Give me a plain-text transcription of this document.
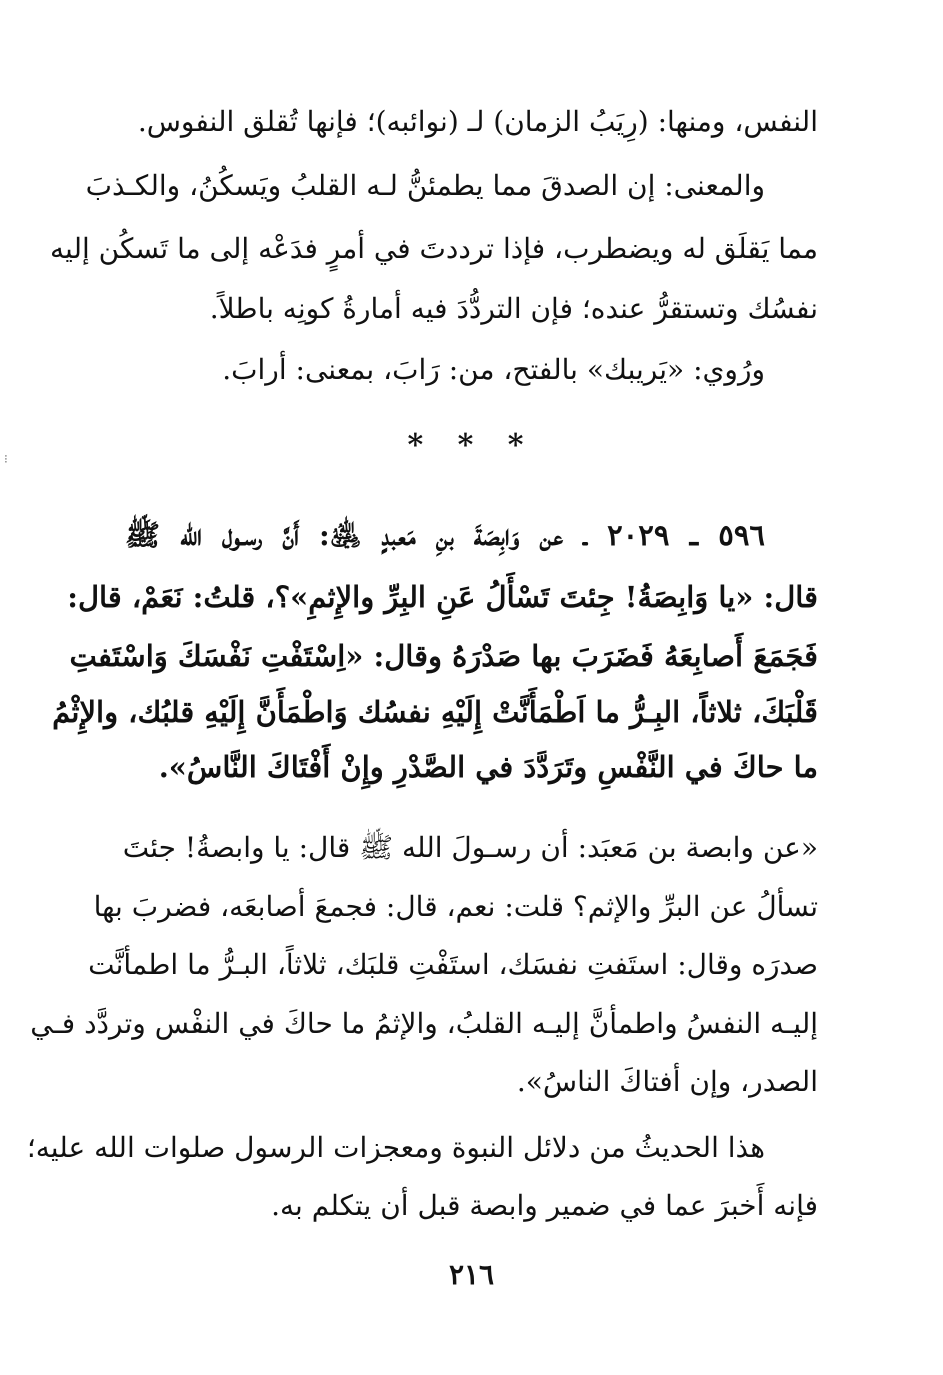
النفس، ومنها: (رِيَبُ الزمان) لـ (نوائبه)؛ فإنها تُقلق النفوس.
والمعنى: إن الصدقَ مما يطمئنُّ لـه القلبُ ويَسكُنُ، والكـذبَ
مما يَقلَق له ويضطرب، فإذا ترددتَ في أمرٍ فدَعْه إلى ما تَسكُن إليه
نفسُك وتستقرُّ عنده؛ فإن التردُّدَ فيه أمارةُ كونِه باطلاً.
ورُوي: «يَريبك» بالفتح، من: رَابَ، بمعنى: أرابَ.
* * *
⁝
٥٩٦ ـ ٢٠٢٩ ـ عن وَابِصَةَ بنِ مَعبدٍ ﵁: أَنَّ رسـول الله ﷺ
قال: «يا وَابِصَةُ! جِئتَ تَسْأَلُ عَنِ البِرِّ والإِثمِ»؟، قلتُ: نَعَمْ، قال:
فَجَمَعَ أَصابِعَهُ فَضَرَبَ بها صَدْرَهُ وقال: «اِسْتَفْتِ نَفْسَكَ وَاسْتَفتِ
قَلْبَكَ، ثلاثاً، البِـرُّ ما اَطْمَأَنَّتْ إِلَيْهِ نفسُك وَاطْمَأَنَّ إِلَيْهِ قلبُك، والإِثْمُ
ما حاكَ في النَّفْسِ وتَرَدَّدَ في الصَّدْرِ وإِنْ أَفْتَاكَ النَّاسُ».
«عن وابصة بن مَعبَد: أن رسـولَ الله ﷺ قال: يا وابصةُ! جئتَ
تسألُ عن البرِّ والإثم؟ قلت: نعم، قال: فجمعَ أصابعَه، فضربَ بها
صدرَه وقال: استَفتِ نفسَك، استَفْتِ قلبَك، ثلاثاً، البـرُّ ما اطمأنَّت
إليـه النفسُ واطمأنَّ إليـه القلبُ، والإثمُ ما حاكَ في النفْس وتردَّد فـي
الصدر، وإن أفتاكَ الناسُ».
هذا الحديثُ من دلائل النبوة ومعجزات الرسول صلوات الله عليه؛
فإنه أَخبرَ عما في ضمير وابصة قبل أن يتكلم به.
٢١٦
